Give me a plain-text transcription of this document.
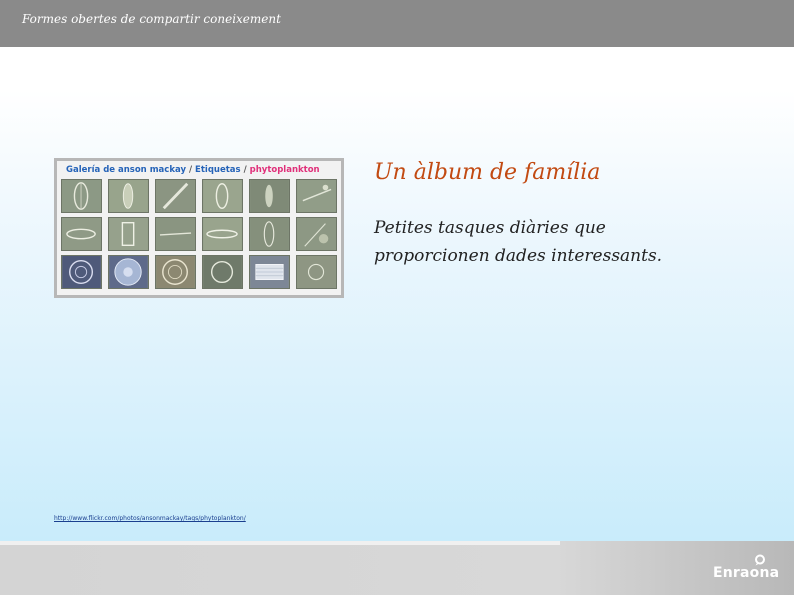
Formes obertes de compartir coneixement
Galería de anson mackay / Etiquetas / phytoplankton Un àlbum de família
Petites tasques diàries que proporcionen dades interessants.
http://www.flickr.com/photos/ansonmackay/tags/phytoplankton/
Enraona
